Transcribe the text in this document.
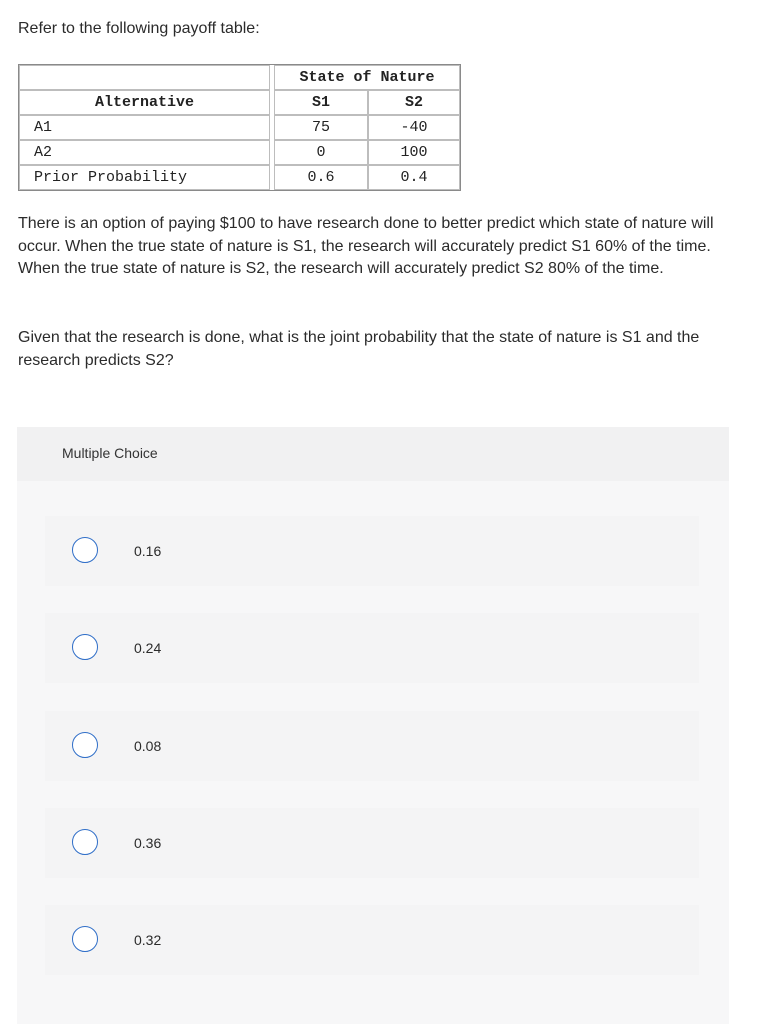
Refer to the following payoff table:

		State of Nature	
Alternative		S1	S2
A1		75	-40
A2		0	100
Prior Probability		0.6	0.4

There is an option of paying $100 to have research done to better predict which state of nature will occur. When the true state of nature is S1, the research will accurately predict S1 60% of the time. When the true state of nature is S2, the research will accurately predict S2 80% of the time.

Given that the research is done, what is the joint probability that the state of nature is S1 and the research predicts S2?

Multiple Choice
0.16
0.24
0.08
0.36
0.32
